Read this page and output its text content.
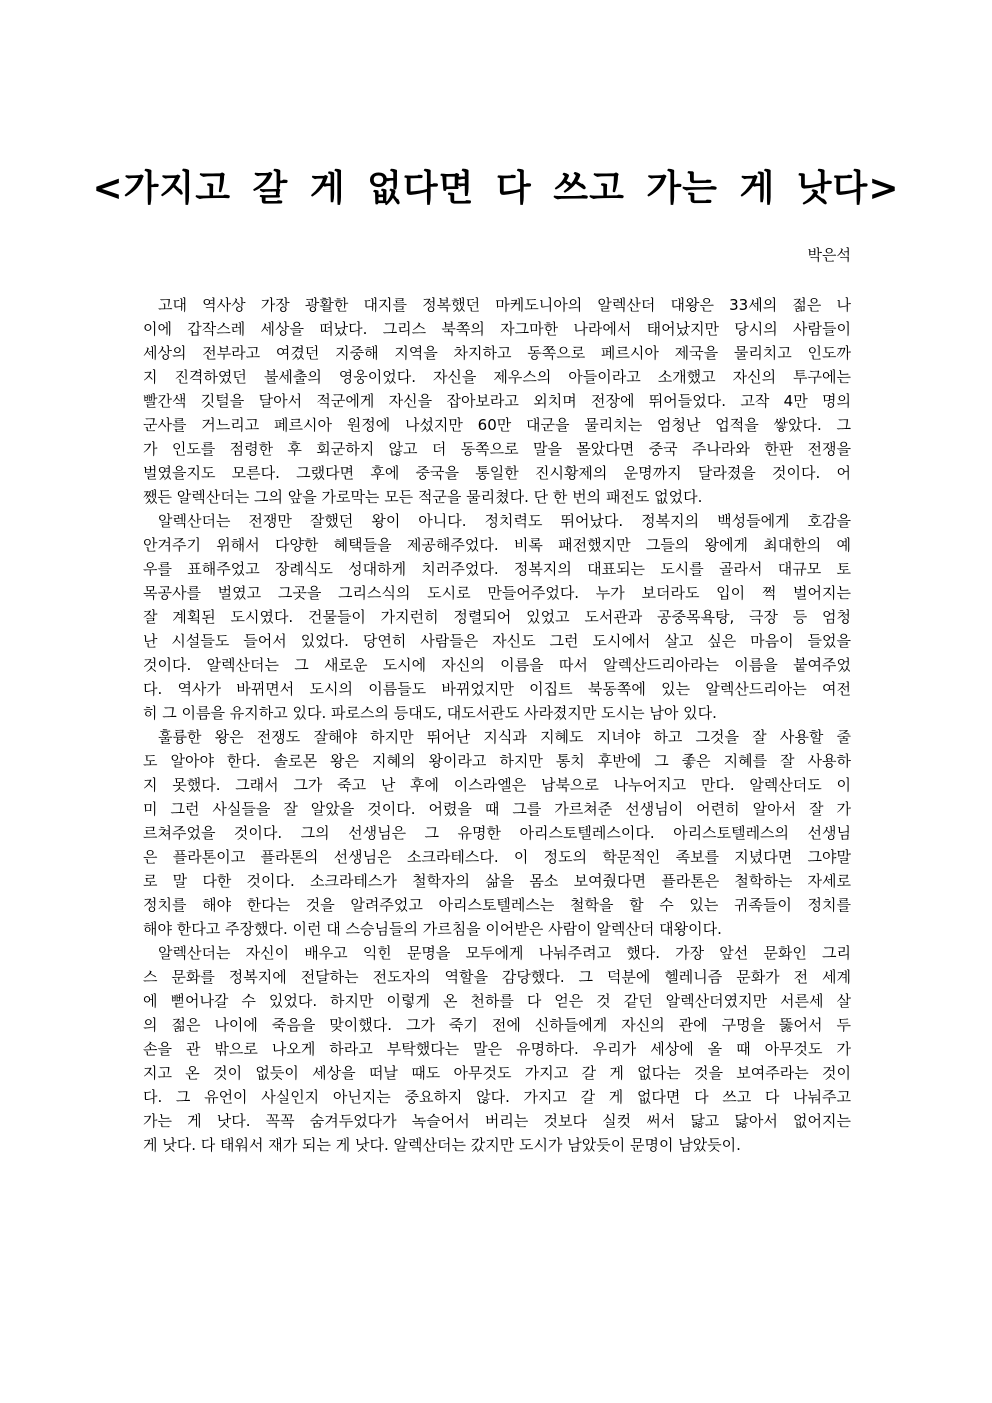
<가지고 갈 게 없다면 다 쓰고 가는 게 낫다>
박은석
고대 역사상 가장 광활한 대지를 정복했던 마케도니아의 알렉산더 대왕은 33세의 젊은 나
이에 갑작스레 세상을 떠났다. 그리스 북쪽의 자그마한 나라에서 태어났지만 당시의 사람들이
세상의 전부라고 여겼던 지중해 지역을 차지하고 동쪽으로 페르시아 제국을 물리치고 인도까
지 진격하였던 불세출의 영웅이었다. 자신을 제우스의 아들이라고 소개했고 자신의 투구에는
빨간색 깃털을 달아서 적군에게 자신을 잡아보라고 외치며 전장에 뛰어들었다. 고작 4만 명의
군사를 거느리고 페르시아 원정에 나섰지만 60만 대군을 물리치는 엄청난 업적을 쌓았다. 그
가 인도를 점령한 후 회군하지 않고 더 동쪽으로 말을 몰았다면 중국 주나라와 한판 전쟁을
벌였을지도 모른다. 그랬다면 후에 중국을 통일한 진시황제의 운명까지 달라졌을 것이다. 어
쨌든 알렉산더는 그의 앞을 가로막는 모든 적군을 물리쳤다. 단 한 번의 패전도 없었다.
알렉산더는 전쟁만 잘했던 왕이 아니다. 정치력도 뛰어났다. 정복지의 백성들에게 호감을
안겨주기 위해서 다양한 혜택들을 제공해주었다. 비록 패전했지만 그들의 왕에게 최대한의 예
우를 표해주었고 장례식도 성대하게 치러주었다. 정복지의 대표되는 도시를 골라서 대규모 토
목공사를 벌였고 그곳을 그리스식의 도시로 만들어주었다. 누가 보더라도 입이 쩍 벌어지는
잘 계획된 도시였다. 건물들이 가지런히 정렬되어 있었고 도서관과 공중목욕탕, 극장 등 엄청
난 시설들도 들어서 있었다. 당연히 사람들은 자신도 그런 도시에서 살고 싶은 마음이 들었을
것이다. 알렉산더는 그 새로운 도시에 자신의 이름을 따서 알렉산드리아라는 이름을 붙여주었
다. 역사가 바뀌면서 도시의 이름들도 바뀌었지만 이집트 북동쪽에 있는 알렉산드리아는 여전
히 그 이름을 유지하고 있다. 파로스의 등대도, 대도서관도 사라졌지만 도시는 남아 있다.
훌륭한 왕은 전쟁도 잘해야 하지만 뛰어난 지식과 지혜도 지녀야 하고 그것을 잘 사용할 줄
도 알아야 한다. 솔로몬 왕은 지혜의 왕이라고 하지만 통치 후반에 그 좋은 지혜를 잘 사용하
지 못했다. 그래서 그가 죽고 난 후에 이스라엘은 남북으로 나누어지고 만다. 알렉산더도 이
미 그런 사실들을 잘 알았을 것이다. 어렸을 때 그를 가르쳐준 선생님이 어련히 알아서 잘 가
르쳐주었을 것이다. 그의 선생님은 그 유명한 아리스토텔레스이다. 아리스토텔레스의 선생님
은 플라톤이고 플라톤의 선생님은 소크라테스다. 이 정도의 학문적인 족보를 지녔다면 그야말
로 말 다한 것이다. 소크라테스가 철학자의 삶을 몸소 보여줬다면 플라톤은 철학하는 자세로
정치를 해야 한다는 것을 알려주었고 아리스토텔레스는 철학을 할 수 있는 귀족들이 정치를
해야 한다고 주장했다. 이런 대 스승님들의 가르침을 이어받은 사람이 알렉산더 대왕이다.
알렉산더는 자신이 배우고 익힌 문명을 모두에게 나눠주려고 했다. 가장 앞선 문화인 그리
스 문화를 정복지에 전달하는 전도자의 역할을 감당했다. 그 덕분에 헬레니즘 문화가 전 세계
에 뻗어나갈 수 있었다. 하지만 이렇게 온 천하를 다 얻은 것 같던 알렉산더였지만 서른세 살
의 젊은 나이에 죽음을 맞이했다. 그가 죽기 전에 신하들에게 자신의 관에 구멍을 뚫어서 두
손을 관 밖으로 나오게 하라고 부탁했다는 말은 유명하다. 우리가 세상에 올 때 아무것도 가
지고 온 것이 없듯이 세상을 떠날 때도 아무것도 가지고 갈 게 없다는 것을 보여주라는 것이
다. 그 유언이 사실인지 아닌지는 중요하지 않다. 가지고 갈 게 없다면 다 쓰고 다 나눠주고
가는 게 낫다. 꼭꼭 숨겨두었다가 녹슬어서 버리는 것보다 실컷 써서 닳고 닳아서 없어지는
게 낫다. 다 태워서 재가 되는 게 낫다. 알렉산더는 갔지만 도시가 남았듯이 문명이 남았듯이.
